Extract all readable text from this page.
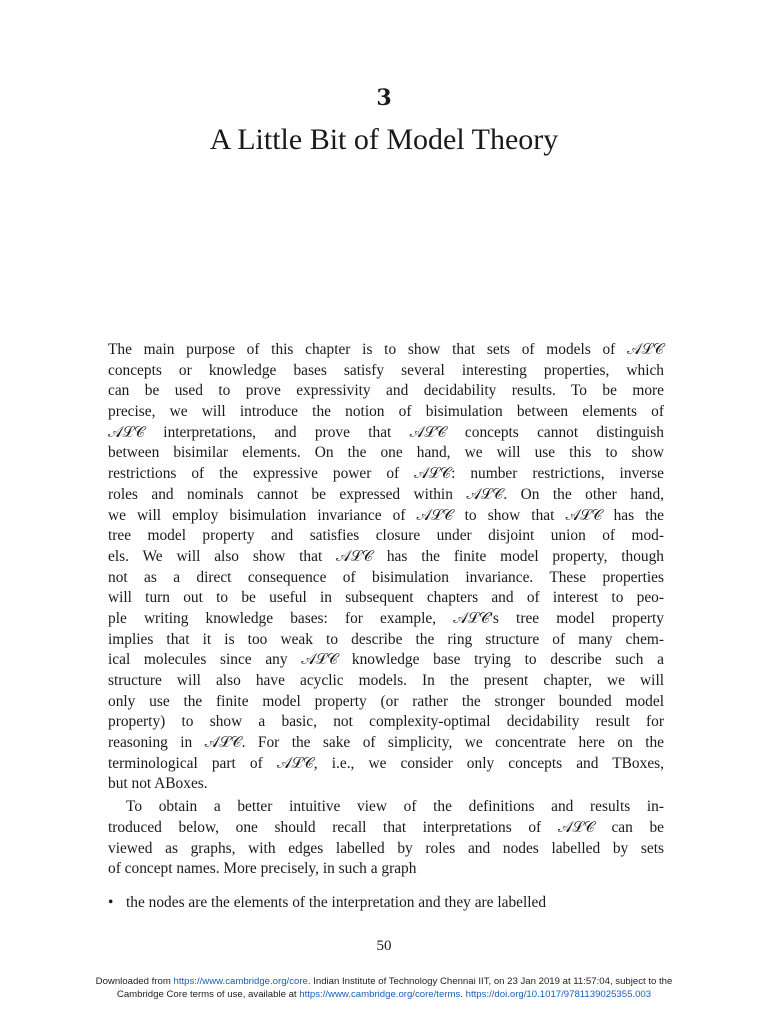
3
A Little Bit of Model Theory
The main purpose of this chapter is to show that sets of models of 𝒜ℒ𝒞
concepts or knowledge bases satisfy several interesting properties, which
can be used to prove expressivity and decidability results. To be more
precise, we will introduce the notion of bisimulation between elements of
𝒜ℒ𝒞 interpretations, and prove that 𝒜ℒ𝒞 concepts cannot distinguish
between bisimilar elements. On the one hand, we will use this to show
restrictions of the expressive power of 𝒜ℒ𝒞: number restrictions, inverse
roles and nominals cannot be expressed within 𝒜ℒ𝒞. On the other hand,
we will employ bisimulation invariance of 𝒜ℒ𝒞 to show that 𝒜ℒ𝒞 has the
tree model property and satisfies closure under disjoint union of mod-
els. We will also show that 𝒜ℒ𝒞 has the finite model property, though
not as a direct consequence of bisimulation invariance. These properties
will turn out to be useful in subsequent chapters and of interest to peo-
ple writing knowledge bases: for example, 𝒜ℒ𝒞's tree model property
implies that it is too weak to describe the ring structure of many chem-
ical molecules since any 𝒜ℒ𝒞 knowledge base trying to describe such a
structure will also have acyclic models. In the present chapter, we will
only use the finite model property (or rather the stronger bounded model
property) to show a basic, not complexity-optimal decidability result for
reasoning in 𝒜ℒ𝒞. For the sake of simplicity, we concentrate here on the
terminological part of 𝒜ℒ𝒞, i.e., we consider only concepts and TBoxes,
but not ABoxes.
To obtain a better intuitive view of the definitions and results in-
troduced below, one should recall that interpretations of 𝒜ℒ𝒞 can be
viewed as graphs, with edges labelled by roles and nodes labelled by sets
of concept names. More precisely, in such a graph
• the nodes are the elements of the interpretation and they are labelled
50
Downloaded from https://www.cambridge.org/core. Indian Institute of Technology Chennai IIT, on 23 Jan 2019 at 11:57:04, subject to the
Cambridge Core terms of use, available at https://www.cambridge.org/core/terms. https://doi.org/10.1017/9781139025355.003
